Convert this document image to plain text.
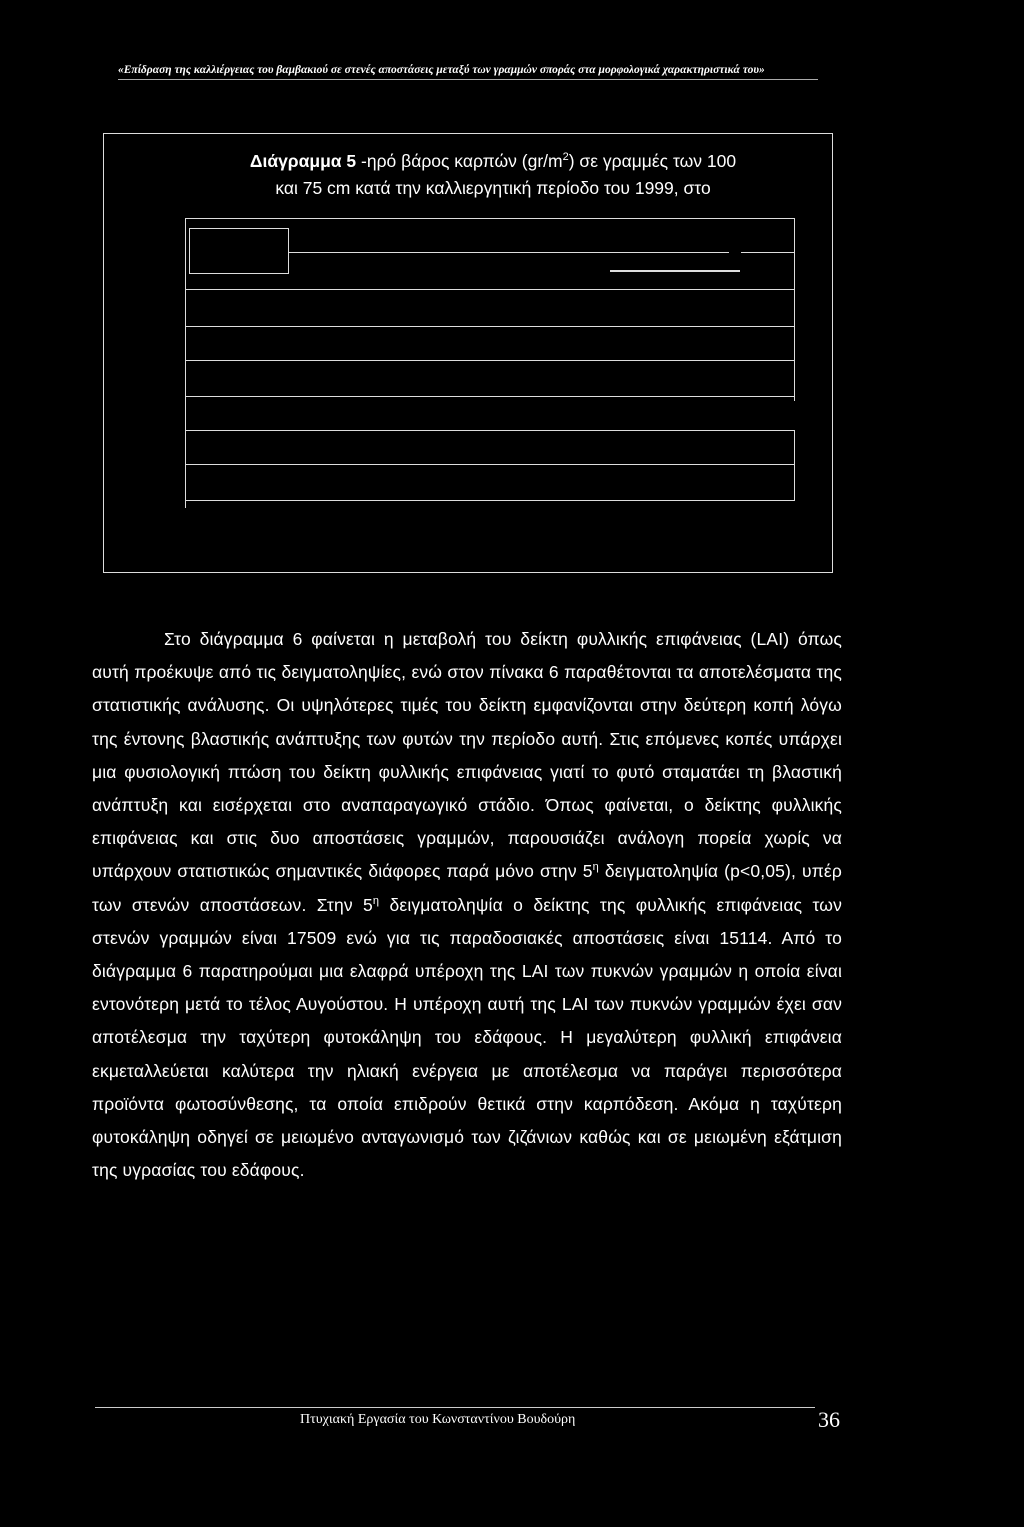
«Επίδραση της καλλιέργειας του βαμβακιού σε στενές αποστάσεις μεταξύ των γραμμών σποράς στα μορφολογικά χαρακτηριστικά του»
Διάγραμμα 5 -ηρό βάρος καρπών $(gr/m^2)$ σε γραμμές των 100
και 75 cm κατά την καλλιεργητική περίοδο του 1999, στο

Στο διάγραμμα 6 φαίνεται η μεταβολή του δείκτη φυλλικής επιφάνειας (LAI) όπως αυτή προέκυψε από τις δειγματοληψίες, ενώ στον πίνακα 6 παραθέτονται τα αποτελέσματα της στατιστικής ανάλυσης. Οι υψηλότερες τιμές του δείκτη εμφανίζονται στην δεύτερη κοπή λόγω της έντονης βλαστικής ανάπτυξης των φυτών την περίοδο αυτή. Στις επόμενες κοπές υπάρχει μια φυσιολογική πτώση του δείκτη φυλλικής επιφάνειας γιατί το φυτό σταματάει τη βλαστική ανάπτυξη και εισέρχεται στο αναπαραγωγικό στάδιο. Όπως φαίνεται, ο δείκτης φυλλικής επιφάνειας και στις δυο αποστάσεις γραμμών, παρουσιάζει ανάλογη πορεία χωρίς να υπάρχουν στατιστικώς σημαντικές διάφορες παρά μόνο στην $5^\eta$ δειγματοληψία (p<0,05), υπέρ των στενών αποστάσεων. Στην $5^\eta$ δειγματοληψία ο δείκτης της φυλλικής επιφάνειας των στενών γραμμών είναι 17509 ενώ για τις παραδοσιακές αποστάσεις είναι 15114. Από το διάγραμμα 6 παρατηρούμαι μια ελαφρά υπέροχη της LAI των πυκνών γραμμών η οποία είναι εντονότερη μετά το τέλος Αυγούστου. Η υπέροχη αυτή της LAI των πυκνών γραμμών έχει σαν αποτέλεσμα την ταχύτερη φυτοκάληψη του εδάφους. Η μεγαλύτερη φυλλική επιφάνεια εκμεταλλεύεται καλύτερα την ηλιακή ενέργεια με αποτέλεσμα να παράγει περισσότερα προϊόντα φωτοσύνθεσης, τα οποία επιδρούν θετικά στην καρπόδεση. Ακόμα η ταχύτερη φυτοκάληψη οδηγεί σε μειωμένο ανταγωνισμό των ζιζάνιων καθώς και σε μειωμένη εξάτμιση της υγρασίας του εδάφους.

Πτυχιακή Εργασία του Κωνσταντίνου Βουδούρη	36
